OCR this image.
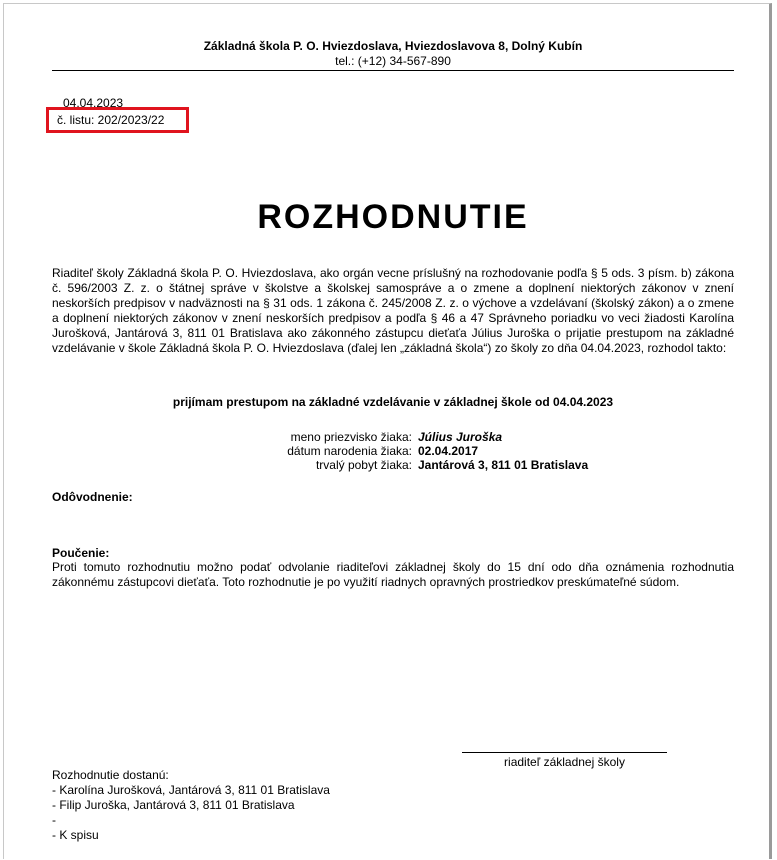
Základná škola P. O. Hviezdoslava, Hviezdoslavova 8, Dolný Kubín
tel.: (+12) 34-567-890
04.04.2023
č. listu: 202/2023/22
ROZHODNUTIE
Riaditeľ školy Základná škola P. O. Hviezdoslava, ako orgán vecne príslušný na rozhodovanie podľa § 5 ods. 3 písm. b) zákona č. 596/2003 Z. z. o štátnej správe v školstve a školskej samospráve a o zmene a doplnení niektorých zákonov v znení neskorších predpisov v nadväznosti na § 31 ods. 1 zákona č. 245/2008 Z. z. o výchove a vzdelávaní (školský zákon) a o zmene a doplnení niektorých zákonov v znení neskorších predpisov a podľa § 46 a 47 Správneho poriadku vo veci žiadosti Karolína Jurošková, Jantárová 3, 811 01 Bratislava ako zákonného zástupcu dieťaťa Július Juroška o prijatie prestupom na základné vzdelávanie v škole Základná škola P. O. Hviezdoslava (ďalej len „základná škola“) zo školy zo dňa 04.04.2023, rozhodol takto:
prijímam prestupom na základné vzdelávanie v základnej škole od 04.04.2023
meno priezvisko žiaka: Július Juroška
dátum narodenia žiaka: 02.04.2017
trvalý pobyt žiaka: Jantárová 3, 811 01 Bratislava
Odôvodnenie:
Poučenie:
Proti tomuto rozhodnutiu možno podať odvolanie riaditeľovi základnej školy do 15 dní odo dňa oznámenia rozhodnutia zákonnému zástupcovi dieťaťa. Toto rozhodnutie je po využití riadnych opravných prostriedkov preskúmateľné súdom.
riaditeľ základnej školy
Rozhodnutie dostanú:
- Karolína Jurošková, Jantárová 3, 811 01 Bratislava
- Filip Juroška, Jantárová 3, 811 01 Bratislava
-
- K spisu
